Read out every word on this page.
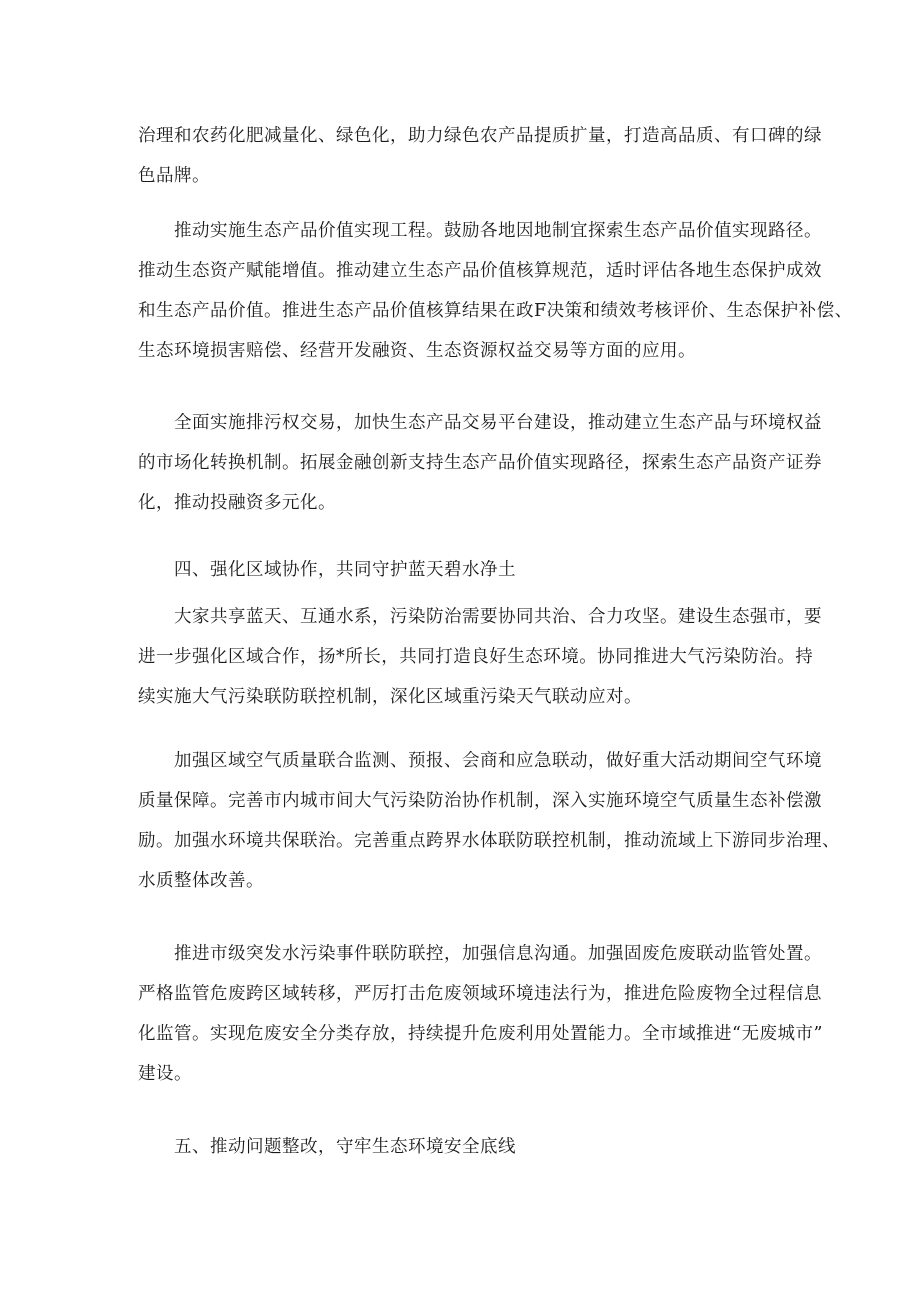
治理和农药化肥减量化、绿色化，助力绿色农产品提质扩量，打造高品质、有口碑的绿
色品牌。
推动实施生态产品价值实现工程。鼓励各地因地制宜探索生态产品价值实现路径。
推动生态资产赋能增值。推动建立生态产品价值核算规范，适时评估各地生态保护成效
和生态产品价值。推进生态产品价值核算结果在政F决策和绩效考核评价、生态保护补偿、
生态环境损害赔偿、经营开发融资、生态资源权益交易等方面的应用。
全面实施排污权交易，加快生态产品交易平台建设，推动建立生态产品与环境权益
的市场化转换机制。拓展金融创新支持生态产品价值实现路径，探索生态产品资产证券
化，推动投融资多元化。
四、强化区域协作，共同守护蓝天碧水净土
大家共享蓝天、互通水系，污染防治需要协同共治、合力攻坚。建设生态强市，要
进一步强化区域合作，扬*所长，共同打造良好生态环境。协同推进大气污染防治。持
续实施大气污染联防联控机制，深化区域重污染天气联动应对。
加强区域空气质量联合监测、预报、会商和应急联动，做好重大活动期间空气环境
质量保障。完善市内城市间大气污染防治协作机制，深入实施环境空气质量生态补偿激
励。加强水环境共保联治。完善重点跨界水体联防联控机制，推动流域上下游同步治理、
水质整体改善。
推进市级突发水污染事件联防联控，加强信息沟通。加强固废危废联动监管处置。
严格监管危废跨区域转移，严厉打击危废领域环境违法行为，推进危险废物全过程信息
化监管。实现危废安全分类存放，持续提升危废利用处置能力。全市域推进“无废城市”
建设。
五、推动问题整改，守牢生态环境安全底线
